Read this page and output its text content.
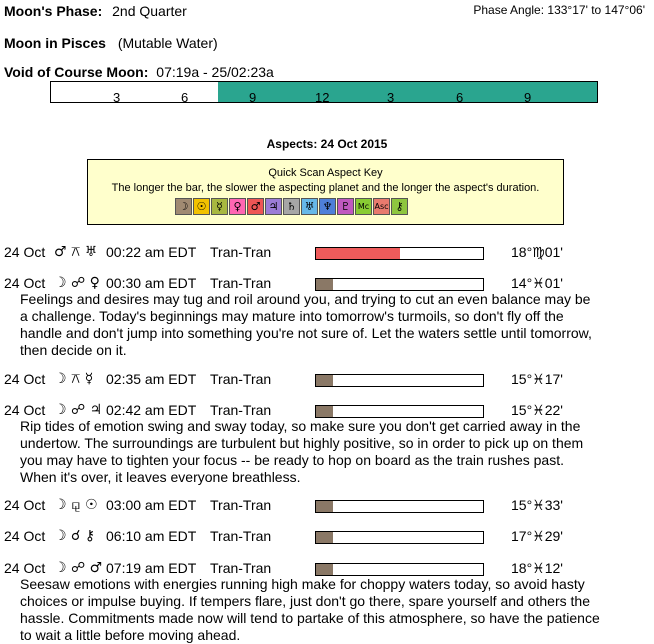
Moon's Phase: 2nd Quarter	Phase Angle: 133°17' to 147°06'
Moon in Pisces (Mutable Water)
Void of Course Moon: 07:19a - 25/02:23a
3	6	9	12	3	6	9
Aspects: 24 Oct 2015
Quick Scan Aspect Key
The longer the bar, the slower the aspecting planet and the longer the aspect's duration.
☽ ☉ ☿ ♀ ♂ ♃ ♄ ♅ ♆ ♇ Mc Asc ⚷
24 Oct ♂ ⚻ ♅ 00:22 am EDT Tran-Tran	18°♍01'
24 Oct ☽ ☍ ♀ 00:30 am EDT Tran-Tran	14°♓01'
Feelings and desires may tug and roil around you, and trying to cut an even balance may be
a challenge. Today's beginnings may mature into tomorrow's turmoils, so don't fly off the
handle and don't jump into something you're not sure of. Let the waters settle until tomorrow,
then decide on it.
24 Oct ☽ ⚻ ☿ 02:35 am EDT Tran-Tran	15°♓17'
24 Oct ☽ ☍ ♃ 02:42 am EDT Tran-Tran	15°♓22'
Rip tides of emotion swing and sway today, so make sure you don't get carried away in the
undertow. The surroundings are turbulent but highly positive, so in order to pick up on them
you may have to tighten your focus -- be ready to hop on board as the train rushes past.
When it's over, it leaves everyone breathless.
24 Oct ☽ ⚼ ☉ 03:00 am EDT Tran-Tran	15°♓33'
24 Oct ☽ ☌ ⚷ 06:10 am EDT Tran-Tran	17°♓29'
24 Oct ☽ ☍ ♂ 07:19 am EDT Tran-Tran	18°♓12'
Seesaw emotions with energies running high make for choppy waters today, so avoid hasty
choices or impulse buying. If tempers flare, just don't go there, spare yourself and others the
hassle. Commitments made now will tend to partake of this atmosphere, so have the patience
to wait a little before moving ahead.
